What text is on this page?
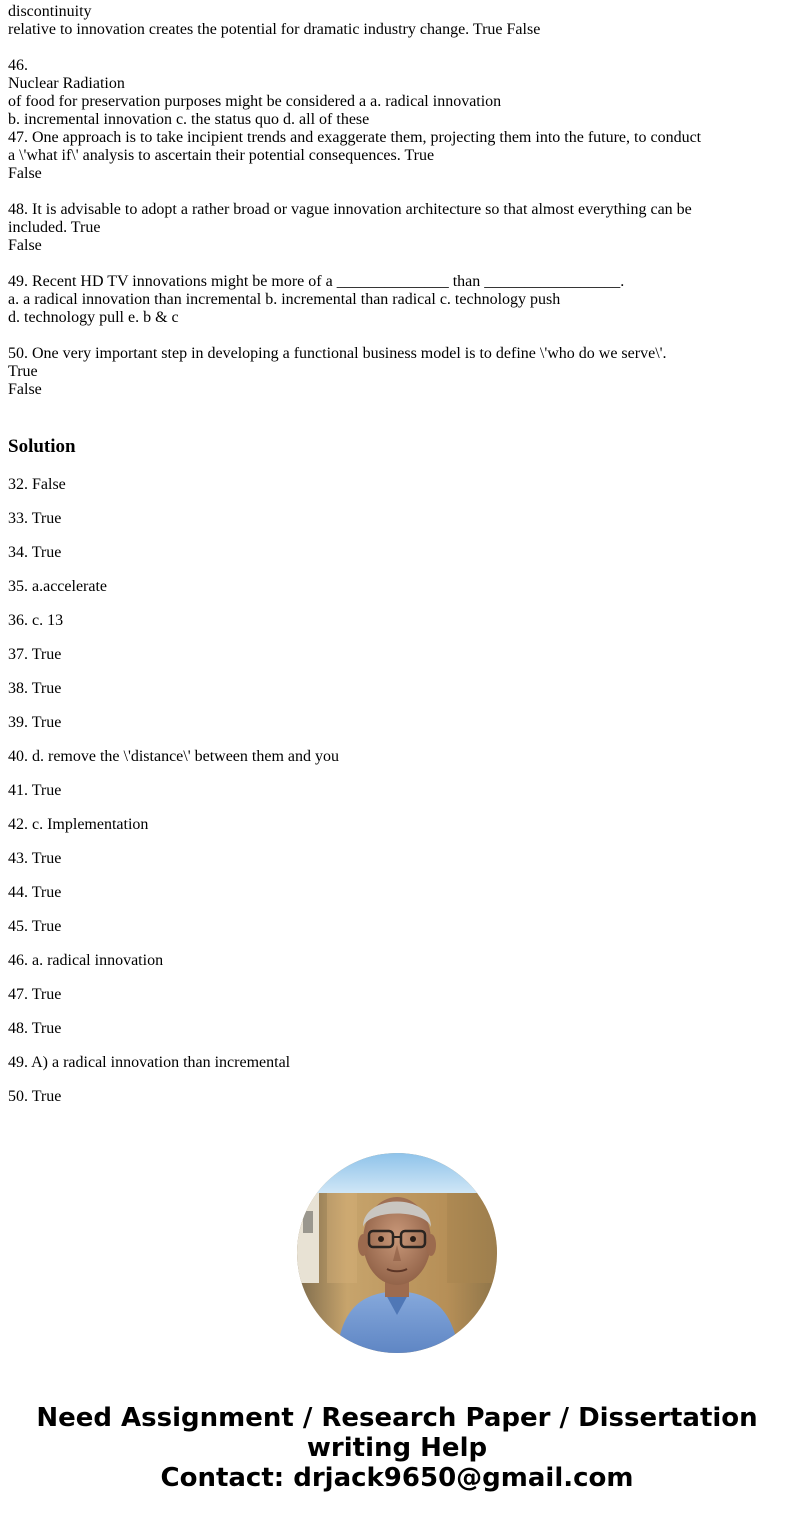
discontinuity
relative to innovation creates the potential for dramatic industry change. True False
46.
Nuclear Radiation
of food for preservation purposes might be considered a a. radical innovation
b. incremental innovation c. the status quo d. all of these
47. One approach is to take incipient trends and exaggerate them, projecting them into the future, to conduct
a \'what if\' analysis to ascertain their potential consequences. True
False
48. It is advisable to adopt a rather broad or vague innovation architecture so that almost everything can be
included. True
False
49. Recent HD TV innovations might be more of a ______________ than _________________.
a. a radical innovation than incremental b. incremental than radical c. technology push
d. technology pull e. b & c
50. One very important step in developing a functional business model is to define \'who do we serve\'.
True
False
Solution
32. False
33. True
34. True
35. a.accelerate
36. c. 13
37. True
38. True
39. True
40. d. remove the \'distance\' between them and you
41. True
42. c. Implementation
43. True
44. True
45. True
46. a. radical innovation
47. True
48. True
49. A) a radical innovation than incremental
50. True
Need Assignment / Research Paper / Dissertation
writing Help
Contact: drjack9650@gmail.com
